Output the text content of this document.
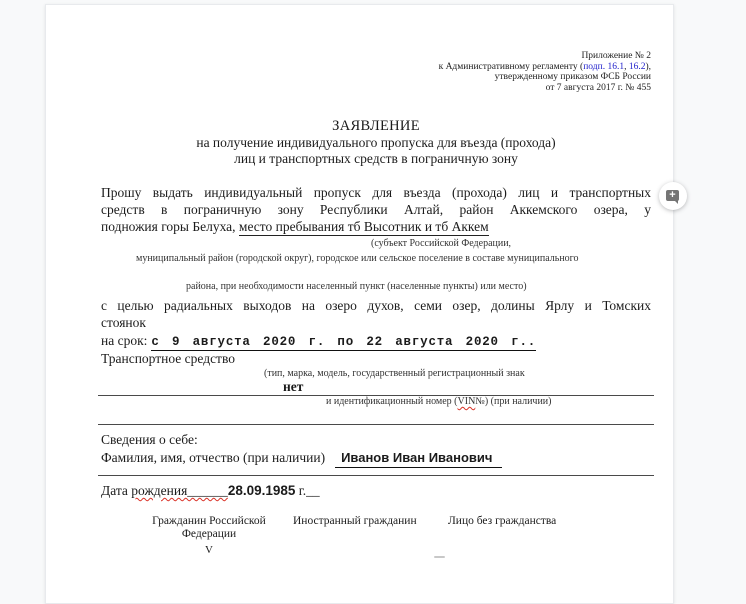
Приложение № 2
к Административному регламенту (подп. 16.1, 16.2),
утвержденному приказом ФСБ России
от 7 августа 2017 г. № 455
ЗАЯВЛЕНИЕ
на получение индивидуального пропуска для въезда (прохода)
лиц и транспортных средств в пограничную зону
Прошу выдать индивидуальный пропуск для въезда (прохода) лиц и транспортных
средств в пограничную зону Республики Алтай, район Аккемского озера, у
подножия горы Белуха, место пребывания тб Высотник и тб Аккем
(субъект Российской Федерации,
муниципальный район (городской округ), городское или сельское поселение в составе муниципального
района, при необходимости населенный пункт (населенные пункты) или место)
с целью радиальных выходов на озеро духов, семи озер, долины Ярлу и Томских
стоянок
на срок: с 9 августа 2020 г. по 22 августа 2020 г..
Транспортное средство
(тип, марка, модель, государственный регистрационный знак
нет
и идентификационный номер (VIN№) (при наличии)
Сведения о себе:
Фамилия, имя, отчество (при наличии) Иванов Иван Иванович
Дата рождения______28.09.1985 г.__
Гражданин Российской
Федерации
V
Иностранный гражданин	Лицо без гражданства
+
